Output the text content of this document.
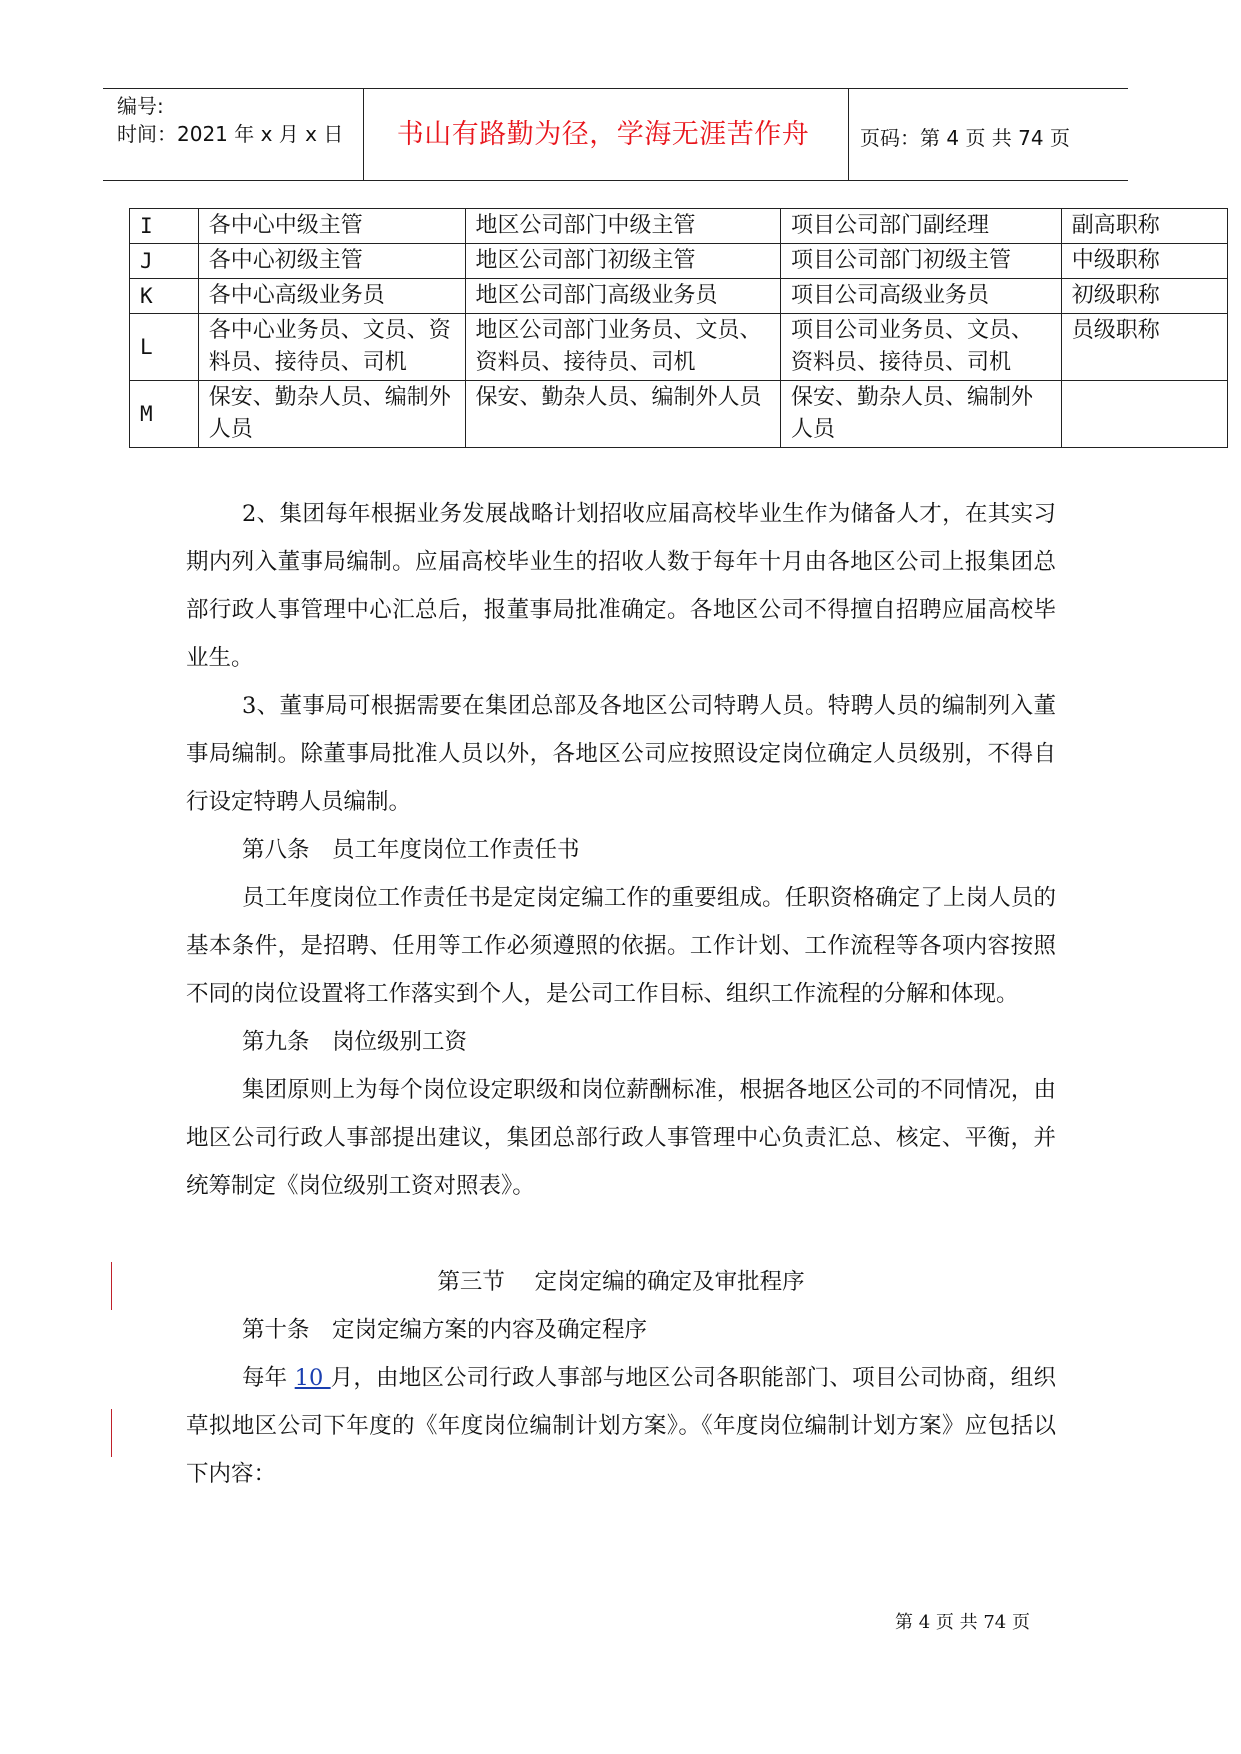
编号:
时间：2021 年 x 月 x 日	书山有路勤为径，学海无涯苦作舟	页码：第 4 页 共 74 页
I	各中心中级主管	地区公司部门中级主管	项目公司部门副经理	副高职称
J	各中心初级主管	地区公司部门初级主管	项目公司部门初级主管	中级职称
K	各中心高级业务员	地区公司部门高级业务员	项目公司高级业务员	初级职称
L	各中心业务员、文员、资料员、接待员、司机	地区公司部门业务员、文员、资料员、接待员、司机	项目公司业务员、文员、资料员、接待员、司机	员级职称
M	保安、勤杂人员、编制外人员	保安、勤杂人员、编制外人员	保安、勤杂人员、编制外人员	

2、集团每年根据业务发展战略计划招收应届高校毕业生作为储备人才，在其实习期内列入董事局编制。应届高校毕业生的招收人数于每年十月由各地区公司上报集团总部行政人事管理中心汇总后，报董事局批准确定。各地区公司不得擅自招聘应届高校毕业生。

3、董事局可根据需要在集团总部及各地区公司特聘人员。特聘人员的编制列入董事局编制。除董事局批准人员以外，各地区公司应按照设定岗位确定人员级别，不得自行设定特聘人员编制。

第八条　员工年度岗位工作责任书

员工年度岗位工作责任书是定岗定编工作的重要组成。任职资格确定了上岗人员的基本条件，是招聘、任用等工作必须遵照的依据。工作计划、工作流程等各项内容按照不同的岗位设置将工作落实到个人，是公司工作目标、组织工作流程的分解和体现。

第九条　岗位级别工资

集团原则上为每个岗位设定职级和岗位薪酬标准，根据各地区公司的不同情况，由地区公司行政人事部提出建议，集团总部行政人事管理中心负责汇总、核定、平衡，并统筹制定《岗位级别工资对照表》。

第三节　 定岗定编的确定及审批程序

第十条　定岗定编方案的内容及确定程序

每年 10 月，由地区公司行政人事部与地区公司各职能部门、项目公司协商，组织草拟地区公司下年度的《年度岗位编制计划方案》。《年度岗位编制计划方案》应包括以下内容：

第 4 页 共 74 页
